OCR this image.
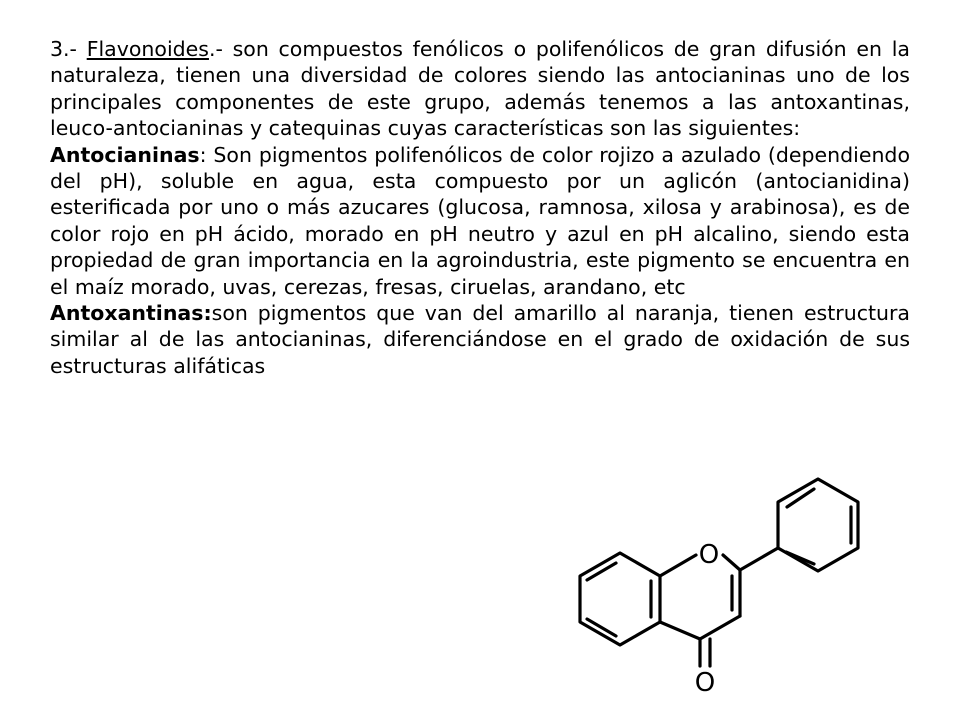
3.- Flavonoides.- son compuestos fenólicos o polifenólicos de gran difusión en la naturaleza, tienen una diversidad de colores siendo las antocianinas uno de los principales componentes de este grupo, además tenemos a las antoxantinas, leuco-antocianinas y catequinas cuyas características son las siguientes:

Antocianinas: Son pigmentos polifenólicos de color rojizo a azulado (dependiendo del pH), soluble en agua, esta compuesto por un aglicón (antocianidina) esterificada por uno o más azucares (glucosa, ramnosa, xilosa y arabinosa), es de color rojo en pH ácido, morado en pH neutro y azul en pH alcalino, siendo esta propiedad de gran importancia en la agroindustria, este pigmento se encuentra en el maíz morado, uvas, cerezas, fresas, ciruelas, arandano, etc

Antoxantinas:son pigmentos que van del amarillo al naranja, tienen estructura similar al de las antocianinas, diferenciándose en el grado de oxidación de sus estructuras alifáticas

O
O
